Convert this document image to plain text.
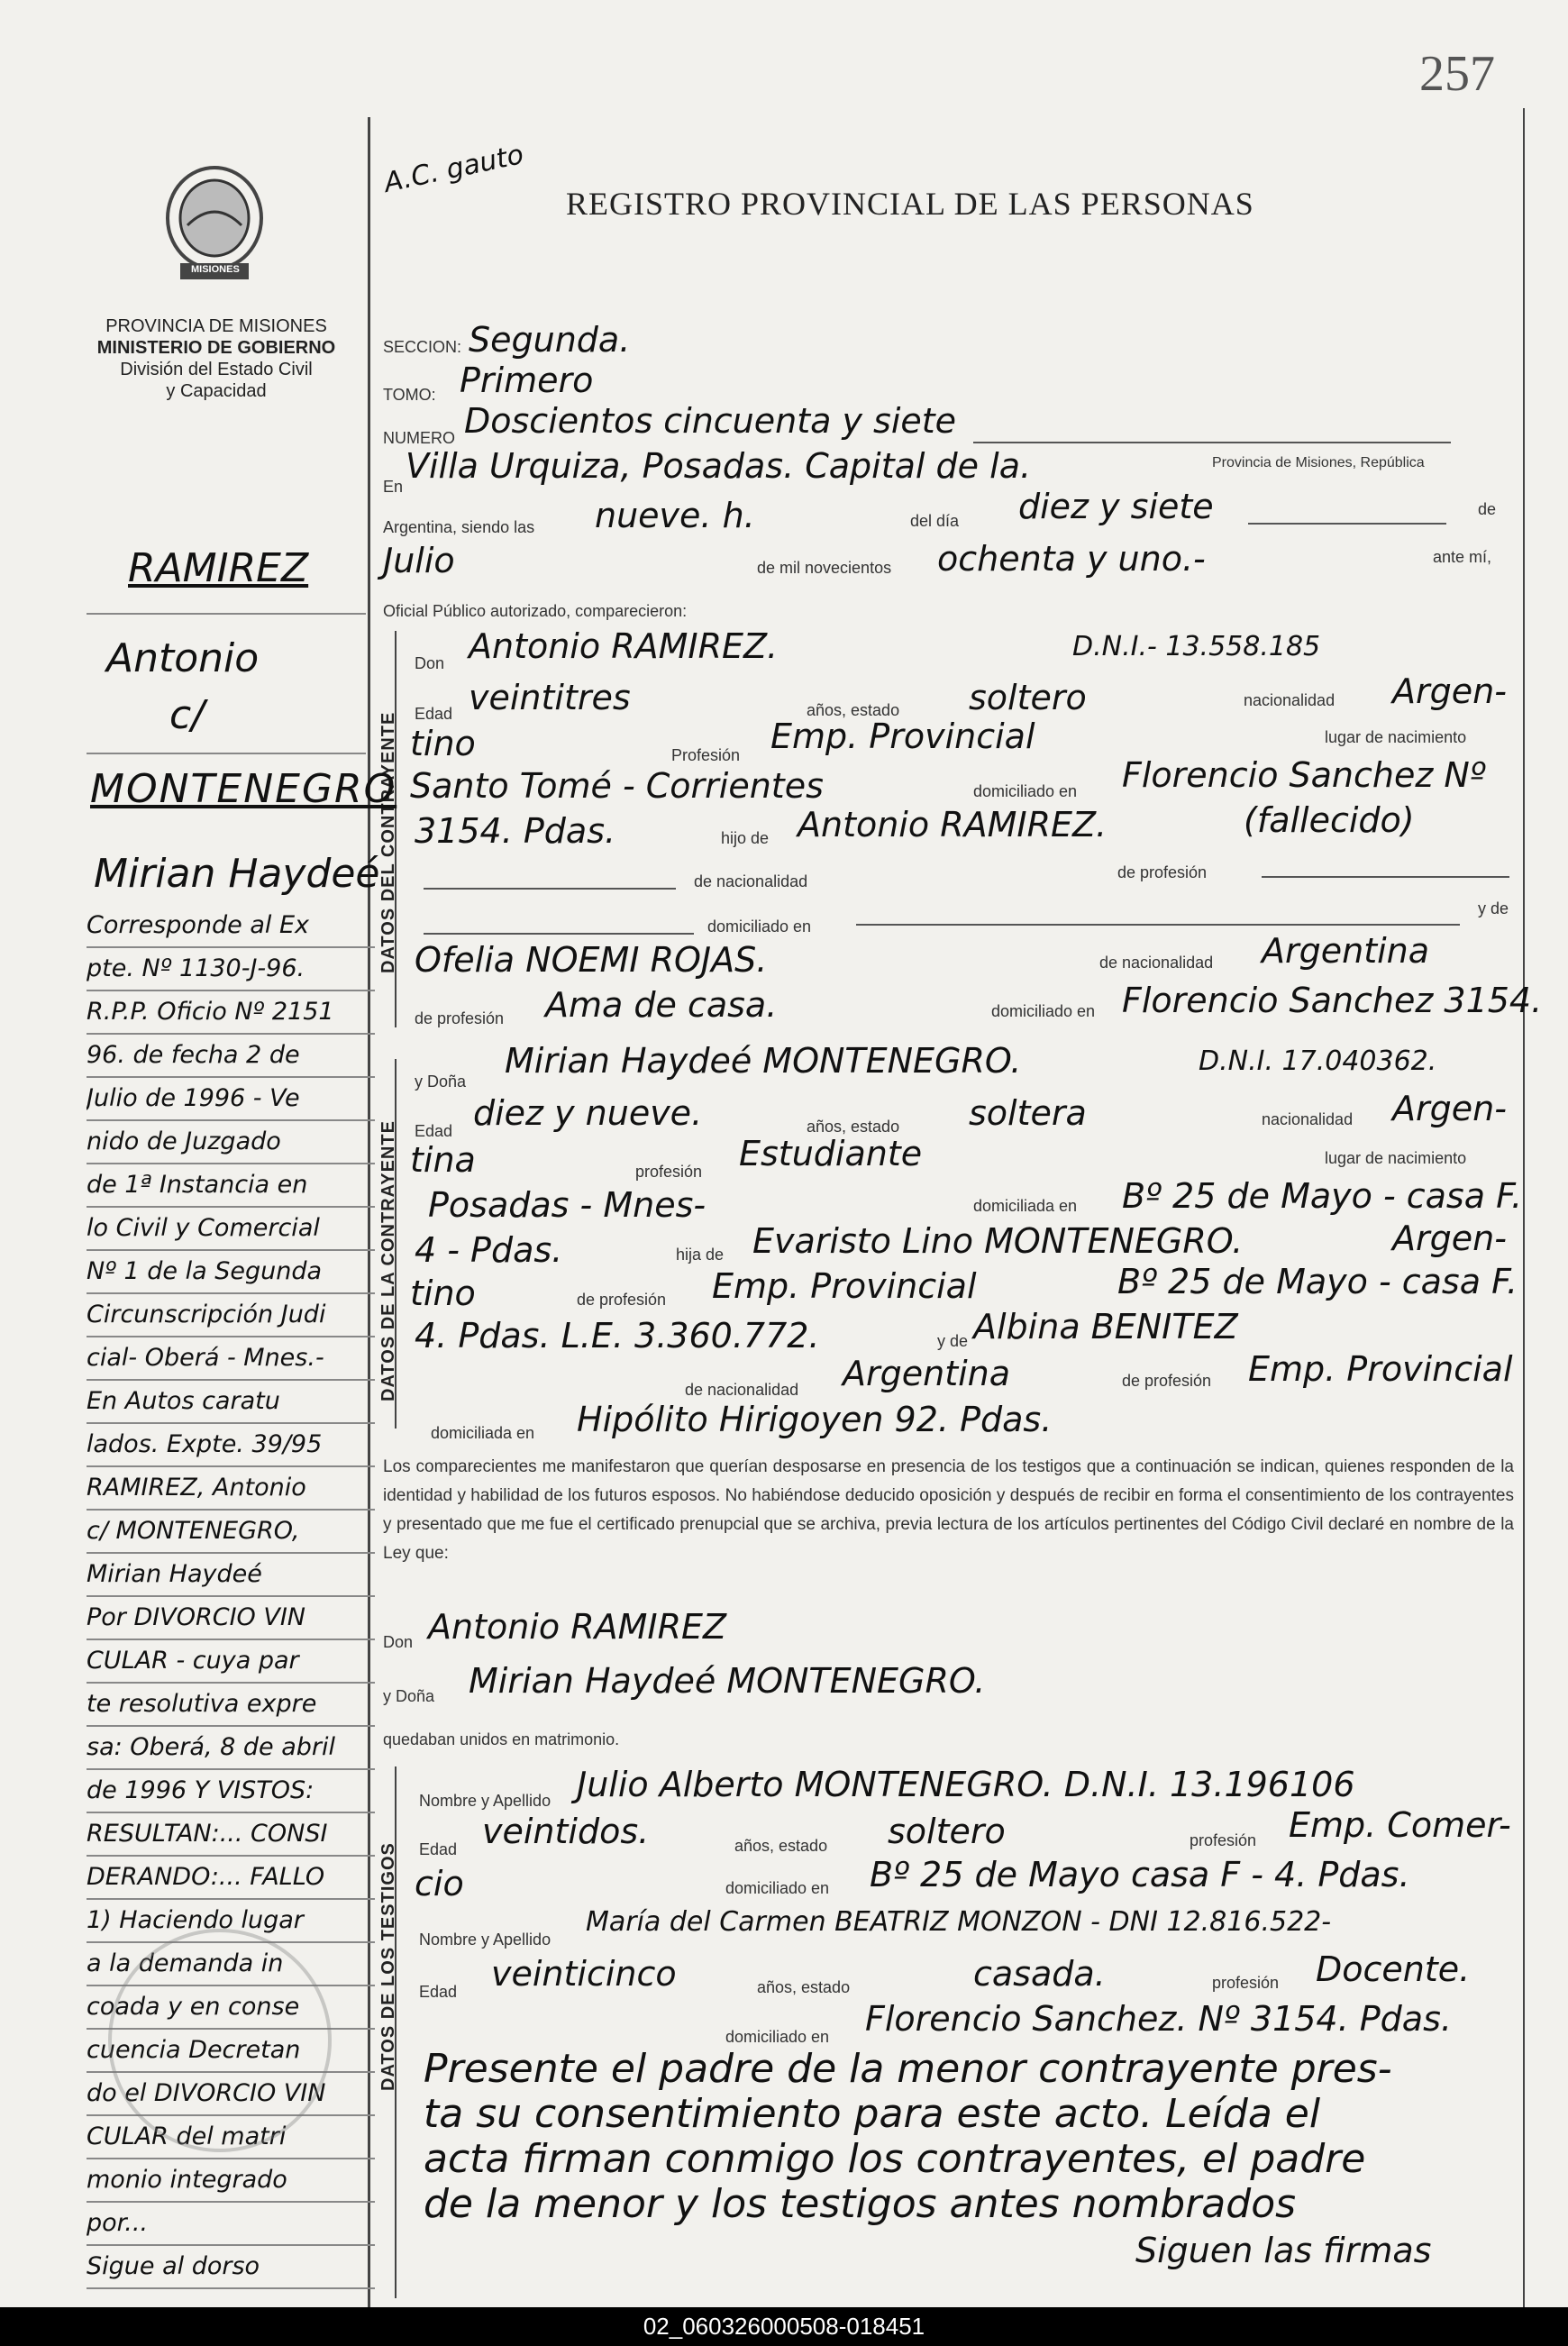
257
A.C. gauto
REGISTRO PROVINCIAL DE LAS PERSONAS
MISIONES
PROVINCIA DE MISIONES
MINISTERIO DE GOBIERNO
División del Estado Civil
y Capacidad
DATOS DEL CONTRAYENTE
DATOS DE LA CONTRAYENTE
DATOS DE LOS TESTIGOS
RAMIREZ
Antonio
c/
MONTENEGRO
Mirian Haydeé
Corresponde al Ex
pte. Nº 1130-J-96.
R.P.P. Oficio Nº 2151
96. de fecha 2 de
Julio de 1996 - Ve
nido de Juzgado
de 1ª Instancia en
lo Civil y Comercial
Nº 1 de la Segunda
Circunscripción Judi
cial- Oberá - Mnes.-
En Autos caratu
lados. Expte. 39/95
RAMIREZ, Antonio
c/ MONTENEGRO,
Mirian Haydeé
Por DIVORCIO VIN
CULAR - cuya par
te resolutiva expre
sa: Oberá, 8 de abril
de 1996 Y VISTOS:
RESULTAN:... CONSI
DERANDO:... FALLO
1) Haciendo lugar
a la demanda in
coada y en conse
cuencia Decretan
do el DIVORCIO VIN
CULAR del matri
monio integrado
por...
Sigue al dorso
SECCION: Segunda.
TOMO: Primero
NUMERO Doscientos cincuenta y siete
En
Villa Urquiza, Posadas. Capital de la.	Provincia de Misiones, República
Argentina, siendo las nueve. h.	del día diez y siete	de
Julio	de mil novecientos ochenta y uno.-	ante mí,
Oficial Público autorizado, comparecieron:
Don Antonio RAMIREZ.	D.N.I.- 13.558.185
Edad veintitres	años, estado soltero	nacionalidad Argen-
tino	Profesión Emp. Provincial	lugar de nacimiento
Santo Tomé - Corrientes	domiciliado en Florencio Sanchez Nº
3154. Pdas.	hijo de Antonio RAMIREZ.	(fallecido)
de nacionalidad	de profesión
domiciliado en
y de
Ofelia NOEMI ROJAS.	de nacionalidad Argentina
de profesión Ama de casa.	domiciliado en Florencio Sanchez 3154.
y Doña
Mirian Haydeé MONTENEGRO.	D.N.I. 17.040362.
Edad diez y nueve.	años, estado soltera	nacionalidad Argen-
tina	profesión Estudiante	lugar de nacimiento
Posadas - Mnes-	domiciliada en Bº 25 de Mayo - casa F.
4 - Pdas.	hija de Evaristo Lino MONTENEGRO.	Argen-
tino	de profesión Emp. Provincial	Bº 25 de Mayo - casa F.
4. Pdas. L.E. 3.360.772.	y de Albina BENITEZ
de nacionalidad Argentina	de profesión Emp. Provincial
domiciliada en Hipólito Hirigoyen 92. Pdas.
Los comparecientes me manifestaron que querían desposarse en presencia de los testigos que a continuación se indican, quienes responden de la identidad y habilidad de los futuros esposos. No habiéndose deducido oposición y después de recibir en forma el consentimiento de los contrayentes y presentado que me fue el certificado prenupcial que se archiva, previa lectura de los artículos pertinentes del Código Civil declaré en nombre de la Ley que:
Don Antonio RAMIREZ
y Doña Mirian Haydeé MONTENEGRO.
quedaban unidos en matrimonio.
Nombre y Apellido Julio Alberto MONTENEGRO. D.N.I. 13.196106
Edad veintidos.	años, estado soltero	profesión Emp. Comer-
cio	domiciliado en Bº 25 de Mayo casa F - 4. Pdas.
Nombre y Apellido
María del Carmen BEATRIZ MONZON - DNI 12.816.522-
Edad veinticinco	años, estado	casada.	profesión Docente.
domiciliado en Florencio Sanchez. Nº 3154. Pdas.
Presente el padre de la menor contrayente pres-
ta su consentimiento para este acto. Leída el
acta firman conmigo los contrayentes, el padre
de la menor y los testigos antes nombrados
Siguen las firmas
02_060326000508-018451
